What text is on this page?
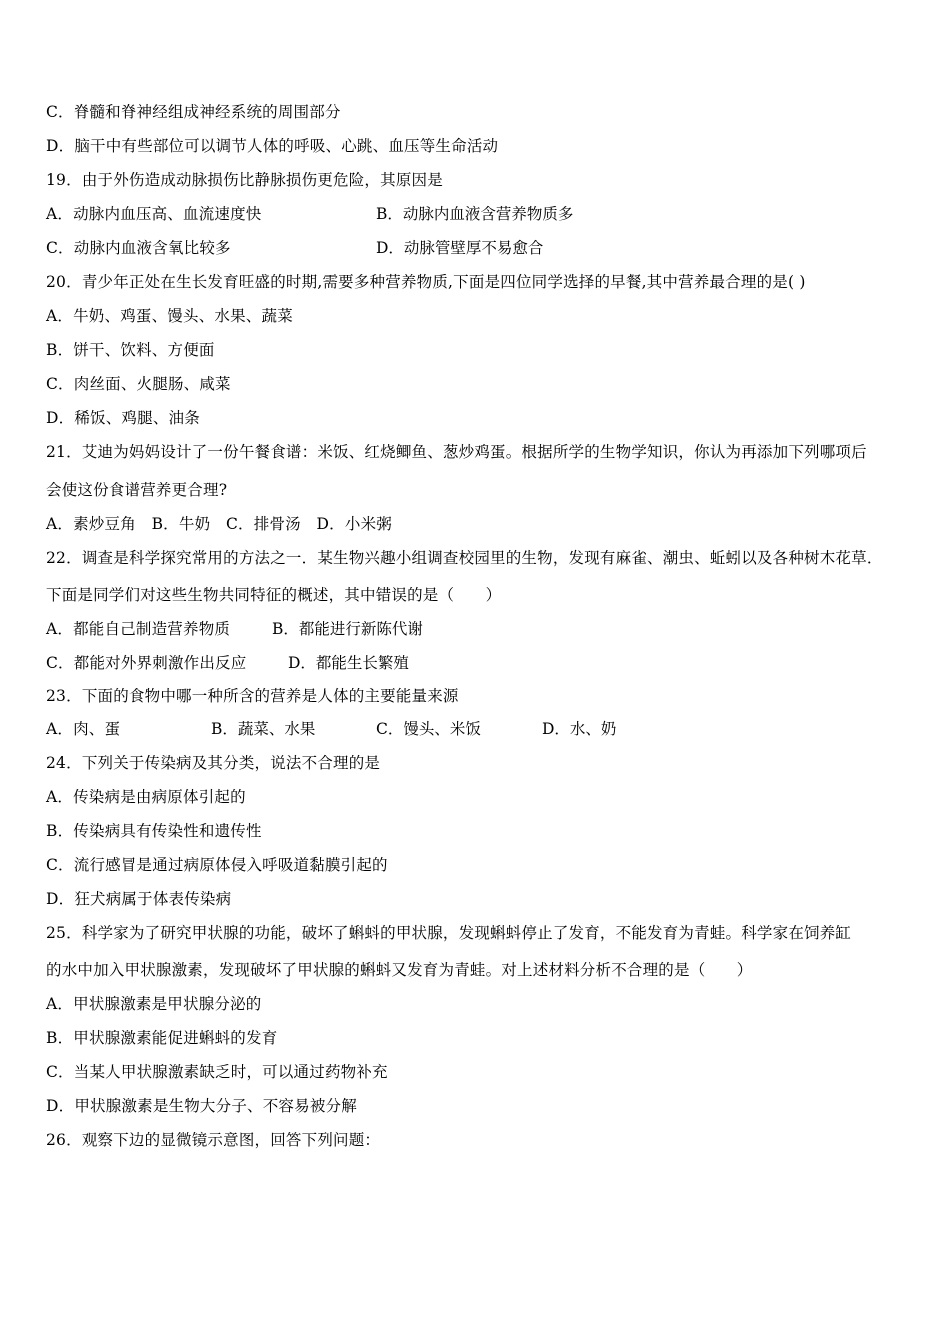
C．脊髓和脊神经组成神经系统的周围部分
D．脑干中有些部位可以调节人体的呼吸、心跳、血压等生命活动
19．由于外伤造成动脉损伤比静脉损伤更危险，其原因是
A．动脉内血压高、血流速度快	B．动脉内血液含营养物质多
C．动脉内血液含氧比较多	D．动脉管壁厚不易愈合
20．青少年正处在生长发育旺盛的时期,需要多种营养物质,下面是四位同学选择的早餐,其中营养最合理的是( )
A．牛奶、鸡蛋、馒头、水果、蔬菜
B．饼干、饮料、方便面
C．肉丝面、火腿肠、咸菜
D．稀饭、鸡腿、油条
21．艾迪为妈妈设计了一份午餐食谱：米饭、红烧鲫鱼、葱炒鸡蛋。根据所学的生物学知识，你认为再添加下列哪项后
会使这份食谱营养更合理?
A．素炒豆角　B．牛奶　C．排骨汤　D．小米粥
22．调查是科学探究常用的方法之一．某生物兴趣小组调查校园里的生物，发现有麻雀、潮虫、蚯蚓以及各种树木花草．
下面是同学们对这些生物共同特征的概述，其中错误的是（　　）
A．都能自己制造营养物质	B．都能进行新陈代谢
C．都能对外界刺激作出反应	D．都能生长繁殖
23．下面的食物中哪一种所含的营养是人体的主要能量来源
A．肉、蛋	B．蔬菜、水果	C．馒头、米饭	D．水、奶
24．下列关于传染病及其分类，说法不合理的是
A．传染病是由病原体引起的
B．传染病具有传染性和遗传性
C．流行感冒是通过病原体侵入呼吸道黏膜引起的
D．狂犬病属于体表传染病
25．科学家为了研究甲状腺的功能，破坏了蝌蚪的甲状腺，发现蝌蚪停止了发育，不能发育为青蛙。科学家在饲养缸
的水中加入甲状腺激素，发现破坏了甲状腺的蝌蚪又发育为青蛙。对上述材料分析不合理的是（　　）
A．甲状腺激素是甲状腺分泌的
B．甲状腺激素能促进蝌蚪的发育
C．当某人甲状腺激素缺乏时，可以通过药物补充
D．甲状腺激素是生物大分子、不容易被分解
26．观察下边的显微镜示意图，回答下列问题：
